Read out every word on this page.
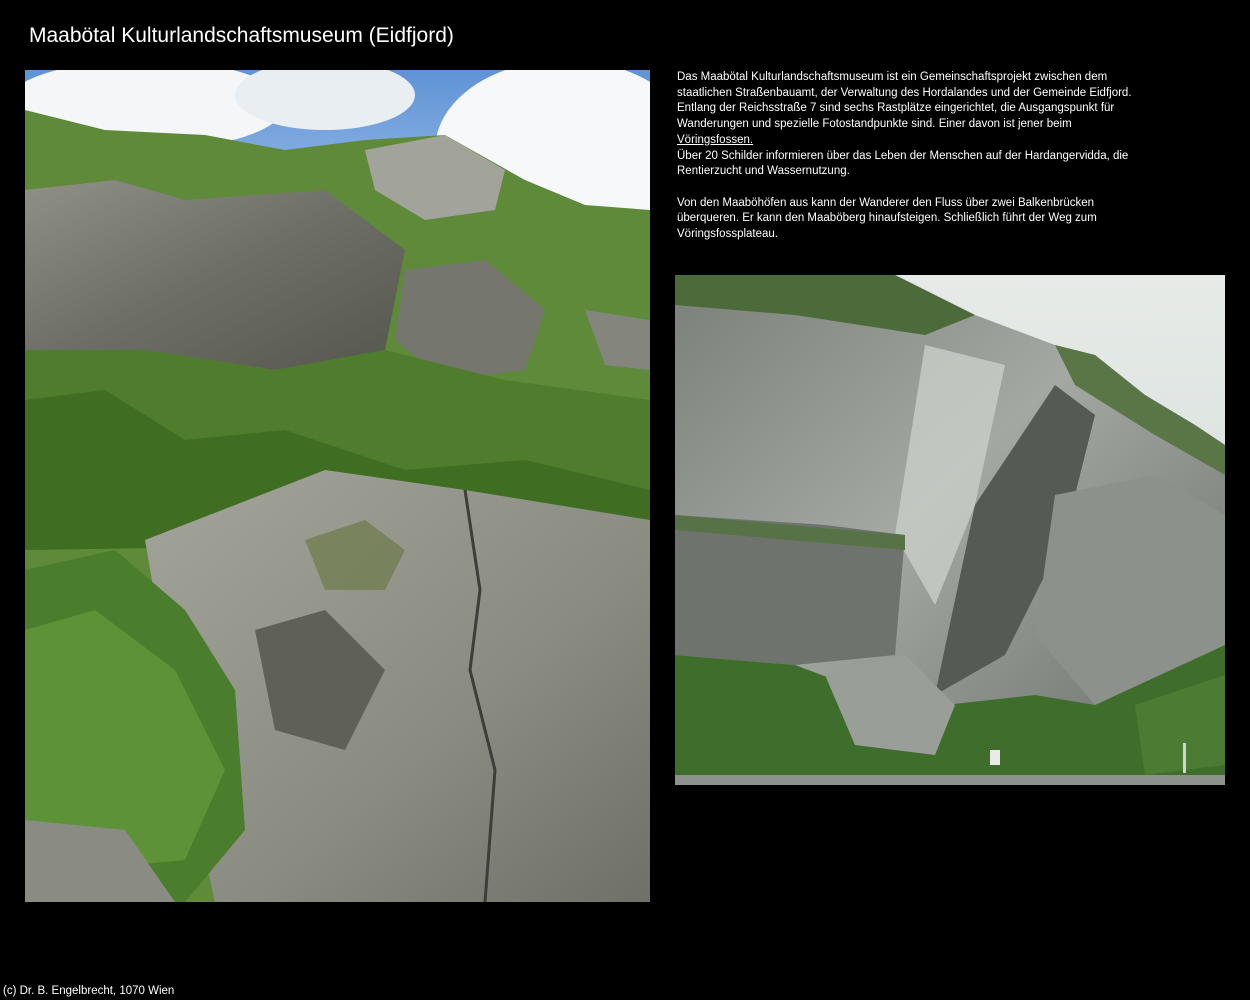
Maabötal Kulturlandschaftsmuseum (Eidfjord)

Das Maabötal Kulturlandschaftsmuseum ist ein Gemeinschaftsprojekt zwischen dem staatlichen Straßenbauamt, der Verwaltung des Hordalandes und der Gemeinde Eidfjord. Entlang der Reichsstraße 7 sind sechs Rastplätze eingerichtet, die Ausgangspunkt für Wanderungen und spezielle Fotostandpunkte sind. Einer davon ist jener beim
Vöringsfossen.
Über 20 Schilder informieren über das Leben der Menschen auf der Hardangervidda, die Rentierzucht und Wassernutzung.

Von den Maaböhöfen aus kann der Wanderer den Fluss über zwei Balkenbrücken überqueren. Er kann den Maaböberg hinaufsteigen. Schließlich führt der Weg zum Vöringsfossplateau.

(c) Dr. B. Engelbrecht, 1070 Wien
